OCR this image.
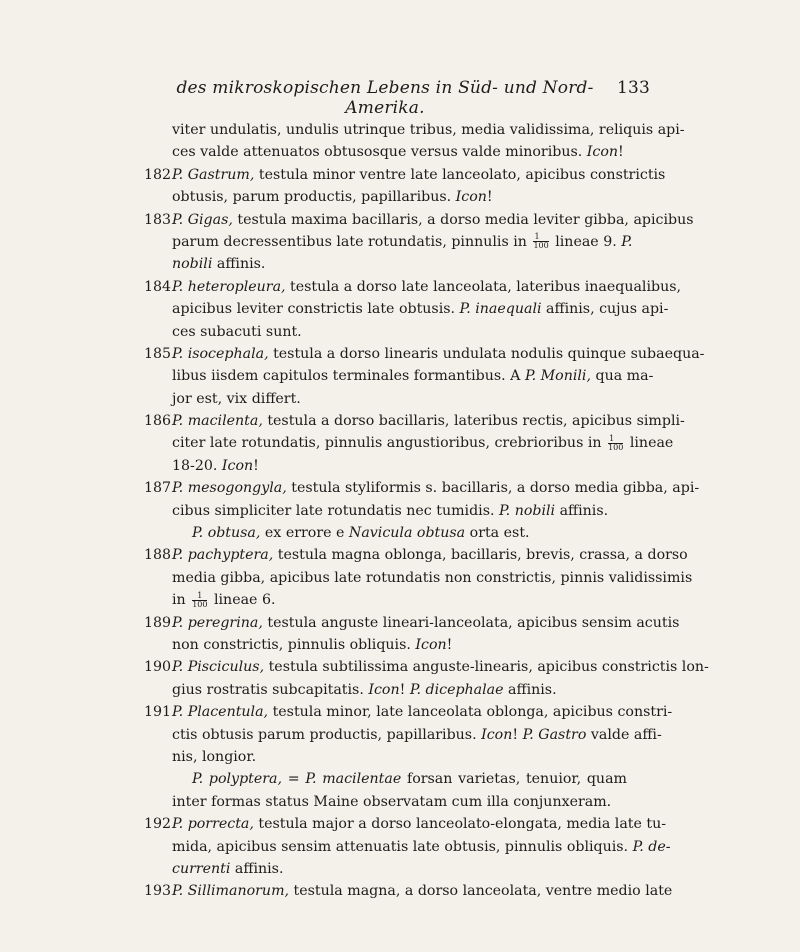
des mikroskopischen Lebens in Süd- und Nord-Amerika.
133
viter undulatis, undulis utrinque tribus, media validissima, reliquis api-
ces valde attenuatos obtusosque versus valde minoribus. Icon!
182 P. Gastrum, testula minor ventre late lanceolato, apicibus constrictis
obtusis, parum productis, papillaribus. Icon!
183 P. Gigas, testula maxima bacillaris, a dorso media leviter gibba, apicibus
parum decressentibus late rotundatis, pinnulis in $\frac{1}{100}$ lineae 9. P.
nobili affinis.
184 P. heteropleura, testula a dorso late lanceolata, lateribus inaequalibus,
apicibus leviter constrictis late obtusis. P. inaequali affinis, cujus api-
ces subacuti sunt.
185 P. isocephala, testula a dorso linearis undulata nodulis quinque subaequa-
libus iisdem capitulos terminales formantibus. A P. Monili, qua ma-
jor est, vix differt.
186 P. macilenta, testula a dorso bacillaris, lateribus rectis, apicibus simpli-
citer late rotundatis, pinnulis angustioribus, crebrioribus in $\frac{1}{100}$ lineae
18-20. Icon!
187 P. mesogongyla, testula styliformis s. bacillaris, a dorso media gibba, api-
cibus simpliciter late rotundatis nec tumidis. P. nobili affinis.
P. obtusa, ex errore e Navicula obtusa orta est.
188 P. pachyptera, testula magna oblonga, bacillaris, brevis, crassa, a dorso
media gibba, apicibus late rotundatis non constrictis, pinnis validissimis
in $\frac{1}{100}$ lineae 6.
189 P. peregrina, testula anguste lineari-lanceolata, apicibus sensim acutis
non constrictis, pinnulis obliquis. Icon!
190 P. Pisciculus, testula subtilissima anguste-linearis, apicibus constrictis lon-
gius rostratis subcapitatis. Icon! P. dicephalae affinis.
191 P. Placentula, testula minor, late lanceolata oblonga, apicibus constri-
ctis obtusis parum productis, papillaribus. Icon! P. Gastro valde affi-
nis, longior.
P. polyptera, = P. macilentae forsan varietas, tenuior, quam
inter formas status Maine observatam cum illa conjunxeram.
192 P. porrecta, testula major a dorso lanceolato-elongata, media late tu-
mida, apicibus sensim attenuatis late obtusis, pinnulis obliquis. P. de-
currenti affinis.
193 P. Sillimanorum, testula magna, a dorso lanceolata, ventre medio late
